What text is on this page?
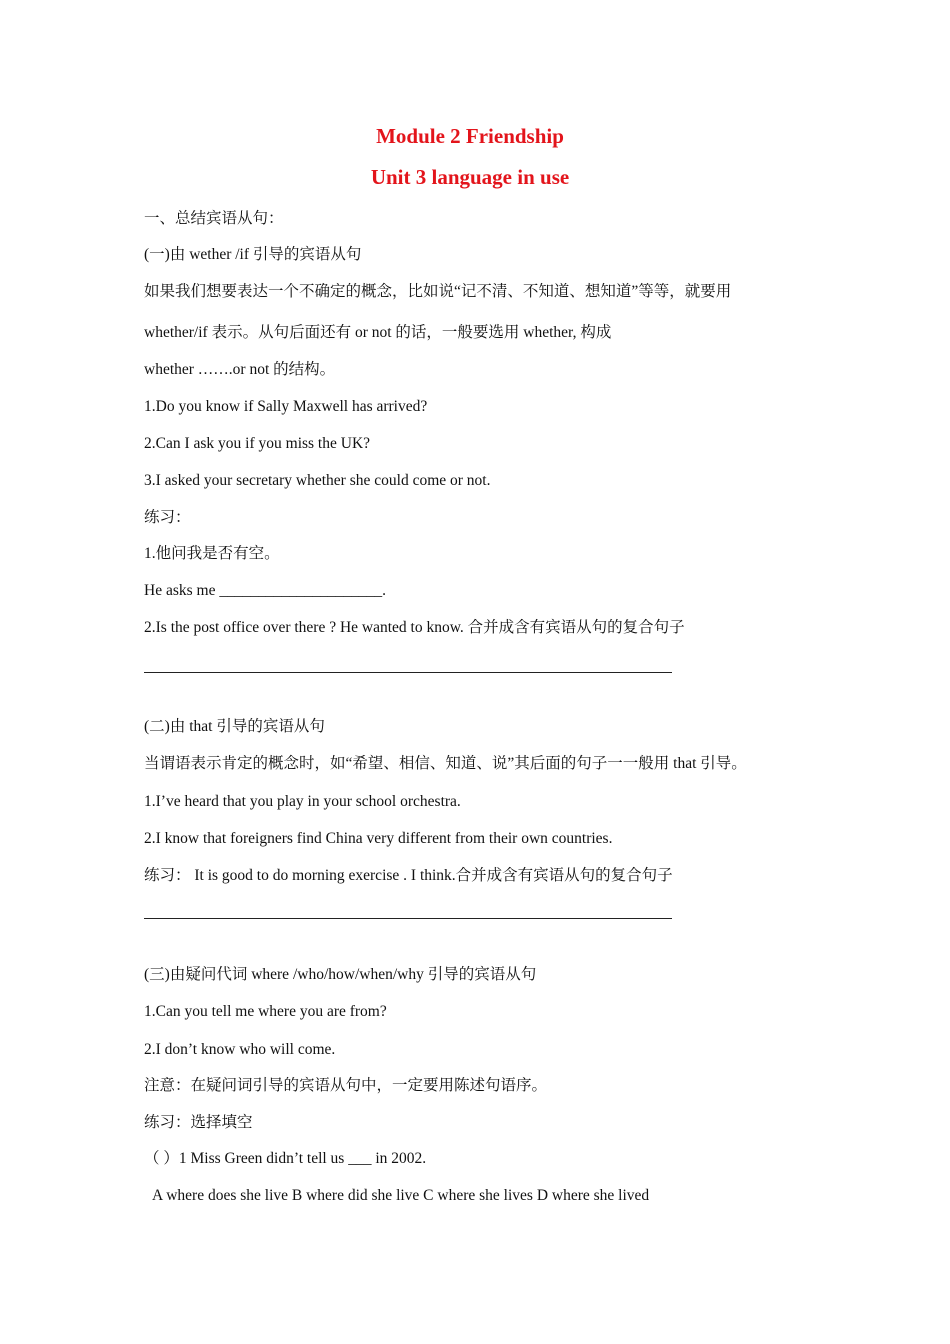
Module 2 Friendship
Unit 3 language in use
一、总结宾语从句：
(一)由 wether /if 引导的宾语从句
如果我们想要表达一个不确定的概念，比如说“记不清、不知道、想知道”等等，就要用
whether/if 表示。从句后面还有 or not 的话，一般要选用 whether, 构成
whether …….or not 的结构。
1.Do you know if Sally Maxwell has arrived?
2.Can I ask you if you miss the UK?
3.I asked your secretary whether she could come or not.
练习：
1.他问我是否有空。
He asks me _____________________.
2.Is the post office over there ? He wanted to know. 合并成含有宾语从句的复合句子
(二)由 that 引导的宾语从句
当谓语表示肯定的概念时，如“希望、相信、知道、说”其后面的句子一一般用 that 引导。
1.I’ve heard that you play in your school orchestra.
2.I know that foreigners find China very different from their own countries.
练习： It is good to do morning exercise . I think.合并成含有宾语从句的复合句子
(三)由疑问代词 where /who/how/when/why 引导的宾语从句
1.Can you tell me where you are from?
2.I don’t know who will come.
注意：在疑问词引导的宾语从句中，一定要用陈述句语序。
练习：选择填空
（ ）1 Miss Green didn’t tell us ___ in 2002.
A where does she live B where did she live C where she lives D where she lived
